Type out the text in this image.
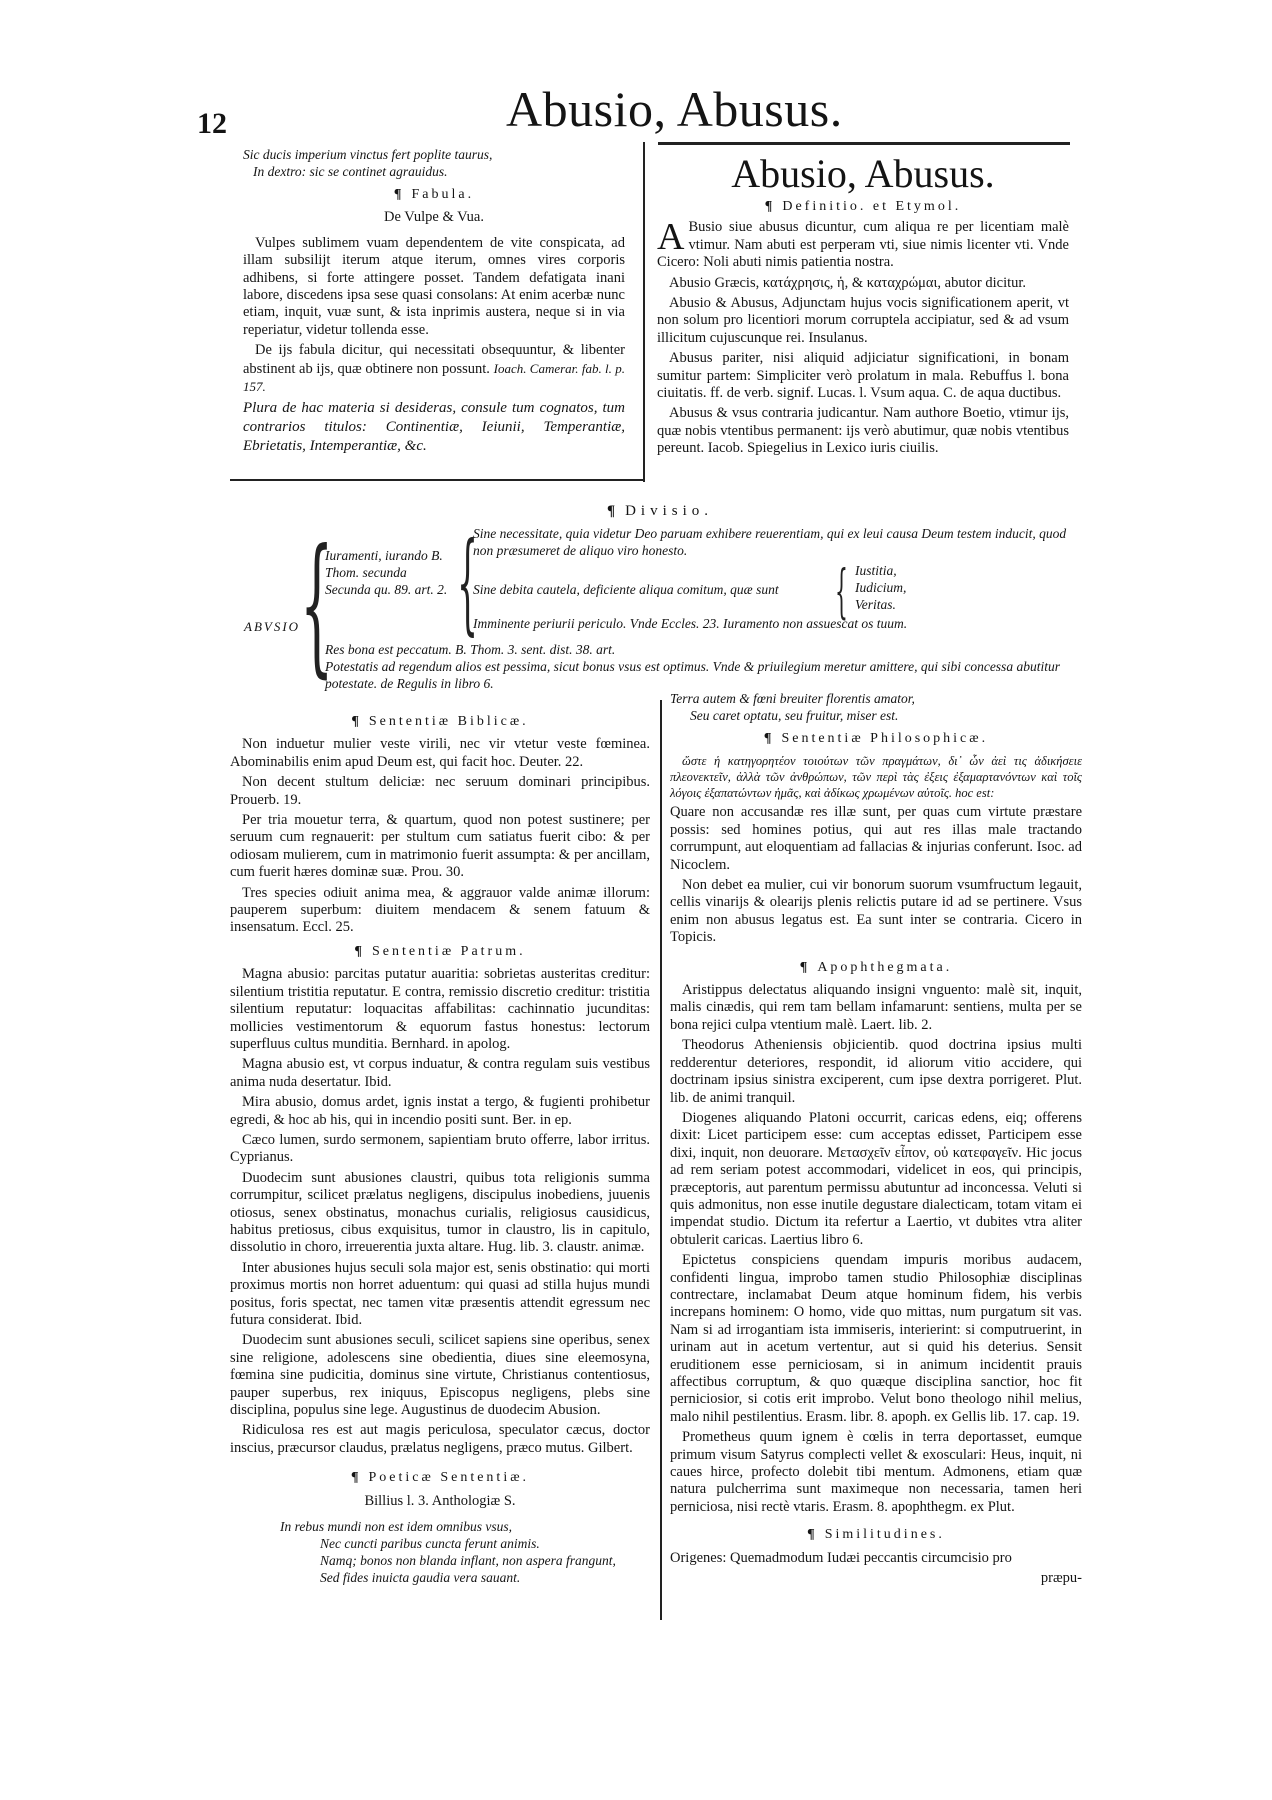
12	Abusio, Abusus.
Sic ducis imperium vinctus fert poplite taurus,
In dextro: sic se continet agrauidus.
¶ Fabula.
De Vulpe & Vua.

Vulpes sublimem vuam dependentem de vite conspicata, ad illam subsilijt iterum atque iterum, omnes vires corporis adhibens, si forte attingere posset. Tandem defatigata inani labore, discedens ipsa sese quasi consolans: At enim acerbæ nunc etiam, inquit, vuæ sunt, & ista inprimis austera, neque si in via reperiatur, videtur tollenda esse.

De ijs fabula dicitur, qui necessitati obsequuntur, & libenter abstinent ab ijs, quæ obtinere non possunt. Ioach. Camerar. fab. l. p. 157.

Plura de hac materia si desideras, consule tum cognatos, tum contrarios titulos: Continentiæ, Ieiunii, Temperantiæ, Ebrietatis, Intemperantiæ, &c.

Abusio, Abusus.
¶ Definitio. et Etymol.

A Busio siue abusus dicuntur, cum aliqua re per licentiam malè vtimur. Nam abuti est perperam vti, siue nimis licenter vti. Vnde Cicero: Noli abuti nimis patientia nostra.

Abusio Græcis, κατάχρησις, ἡ, & καταχρώμαι, abutor dicitur.

Abusio & Abusus, Adjunctam hujus vocis significationem aperit, vt non solum pro licentiori morum corruptela accipiatur, sed & ad vsum illicitum cujuscunque rei. Insulanus.

Abusus pariter, nisi aliquid adjiciatur significationi, in bonam sumitur partem: Simpliciter verò prolatum in mala. Rebuffus l. bona ciuitatis. ff. de verb. signif. Lucas. l. Vsum aqua. C. de aqua ductibus.

Abusus & vsus contraria judicantur. Nam authore Boetio, vtimur ijs, quæ nobis vtentibus permanent: ijs verò abutimur, quæ nobis vtentibus pereunt. Iacob. Spiegelius in Lexico iuris ciuilis.

¶ Divisio.
ABVSIO {
Iuramenti, iurando B. Thom. secunda Secunda qu. 89. art. 2. {
Sine necessitate, quia videtur Deo paruam exhibere reuerentiam, qui ex leui causa Deum testem inducit, quod non præsumeret de aliquo viro honesto.
Sine debita cautela, deficiente aliqua comitum, quæ sunt { Iustitia,
Iudicium,
Veritas.
Imminente periurii periculo. Vnde Eccles. 23. Iuramento non assuescat os tuum.
Res bona est peccatum. B. Thom. 3. sent. dist. 38. art.
Potestatis ad regendum alios est pessima, sicut bonus vsus est optimus. Vnde & priuilegium meretur amittere, qui sibi concessa abutitur potestate. de Regulis in libro 6.
¶ Sententiæ Biblicæ.

Non induetur mulier veste virili, nec vir vtetur veste fœminea. Abominabilis enim apud Deum est, qui facit hoc. Deuter. 22.

Non decent stultum deliciæ: nec seruum dominari principibus. Prouerb. 19.

Per tria mouetur terra, & quartum, quod non potest sustinere; per seruum cum regnauerit: per stultum cum satiatus fuerit cibo: & per odiosam mulierem, cum in matrimonio fuerit assumpta: & per ancillam, cum fuerit hæres dominæ suæ. Prou. 30.

Tres species odiuit anima mea, & aggrauor valde animæ illorum: pauperem superbum: diuitem mendacem & senem fatuum & insensatum. Eccl. 25.

¶ Sententiæ Patrum.

Magna abusio: parcitas putatur auaritia: sobrietas austeritas creditur: silentium tristitia reputatur. E contra, remissio discretio creditur: tristitia silentium reputatur: loquacitas affabilitas: cachinnatio jucunditas: mollicies vestimentorum & equorum fastus honestus: lectorum superfluus cultus munditia. Bernhard. in apolog.

Magna abusio est, vt corpus induatur, & contra regulam suis vestibus anima nuda desertatur. Ibid.

Mira abusio, domus ardet, ignis instat a tergo, & fugienti prohibetur egredi, & hoc ab his, qui in incendio positi sunt. Ber. in ep.

Cæco lumen, surdo sermonem, sapientiam bruto offerre, labor irritus. Cyprianus.

Duodecim sunt abusiones claustri, quibus tota religionis summa corrumpitur, scilicet prælatus negligens, discipulus inobediens, juuenis otiosus, senex obstinatus, monachus curialis, religiosus causidicus, habitus pretiosus, cibus exquisitus, tumor in claustro, lis in capitulo, dissolutio in choro, irreuerentia juxta altare. Hug. lib. 3. claustr. animæ.

Inter abusiones hujus seculi sola major est, senis obstinatio: qui morti proximus mortis non horret aduentum: qui quasi ad stilla hujus mundi positus, foris spectat, nec tamen vitæ præsentis attendit egressum nec futura considerat. Ibid.

Duodecim sunt abusiones seculi, scilicet sapiens sine operibus, senex sine religione, adolescens sine obedientia, diues sine eleemosyna, fœmina sine pudicitia, dominus sine virtute, Christianus contentiosus, pauper superbus, rex iniquus, Episcopus negligens, plebs sine disciplina, populus sine lege. Augustinus de duodecim Abusion.

Ridiculosa res est aut magis periculosa, speculator cæcus, doctor inscius, præcursor claudus, prælatus negligens, præco mutus. Gilbert.

¶ Poeticæ Sententiæ.
Billius l. 3. Anthologiæ S.
In rebus mundi non est idem omnibus vsus,
Nec cuncti paribus cuncta ferunt animis.
Namq; bonos non blanda inflant, non aspera frangunt,
Sed fides inuicta gaudia vera sauant.
Terra autem & fœni breuiter florentis amator,
Seu caret optatu, seu fruitur, miser est.
¶ Sententiæ Philosophicæ.

ὥστε ἡ κατηγορητέον τοιούτων τῶν πραγμάτων, δι᾽ ὧν ἀεὶ τις ἀδικήσειε πλεονεκτεῖν, ἀλλὰ τῶν ἀνθρώπων, τῶν περὶ τὰς ἐξεις ἐξαμαρτανόντων καὶ τοῖς λόγοις ἐξαπατώντων ἡμᾶς, καὶ ἀδίκως χρωμένων αὐτοῖς. hoc est:

Quare non accusandæ res illæ sunt, per quas cum virtute præstare possis: sed homines potius, qui aut res illas male tractando corrumpunt, aut eloquentiam ad fallacias & injurias conferunt. Isoc. ad Nicoclem.

Non debet ea mulier, cui vir bonorum suorum vsumfructum legauit, cellis vinarijs & olearijs plenis relictis putare id ad se pertinere. Vsus enim non abusus legatus est. Ea sunt inter se contraria. Cicero in Topicis.

¶ Apophthegmata.

Aristippus delectatus aliquando insigni vnguento: malè sit, inquit, malis cinædis, qui rem tam bellam infamarunt: sentiens, multa per se bona rejici culpa vtentium malè. Laert. lib. 2.

Theodorus Atheniensis objicientib. quod doctrina ipsius multi redderentur deteriores, respondit, id aliorum vitio accidere, qui doctrinam ipsius sinistra exciperent, cum ipse dextra porrigeret. Plut. lib. de animi tranquil.

Diogenes aliquando Platoni occurrit, caricas edens, eiq; offerens dixit: Licet participem esse: cum acceptas edisset, Participem esse dixi, inquit, non deuorare. Μετασχεῖν εἶπον, οὐ κατεφαγεῖν. Hic jocus ad rem seriam potest accommodari, videlicet in eos, qui principis, præceptoris, aut parentum permissu abutuntur ad inconcessa. Veluti si quis admonitus, non esse inutile degustare dialecticam, totam vitam ei impendat studio. Dictum ita refertur a Laertio, vt dubites vtra aliter obtulerit caricas. Laertius libro 6.

Epictetus conspiciens quendam impuris moribus audacem, confidenti lingua, improbo tamen studio Philosophiæ disciplinas contrectare, inclamabat Deum atque hominum fidem, his verbis increpans hominem: O homo, vide quo mittas, num purgatum sit vas. Nam si ad irrogantiam ista immiseris, interierint: si computruerint, in urinam aut in acetum vertentur, aut si quid his deterius. Sensit eruditionem esse perniciosam, si in animum incidentit prauis affectibus corruptum, & quo quæque disciplina sanctior, hoc fit perniciosior, si cotis erit improbo. Velut bono theologo nihil melius, malo nihil pestilentius. Erasm. libr. 8. apoph. ex Gellis lib. 17. cap. 19.

Prometheus quum ignem è cœlis in terra deportasset, eumque primum visum Satyrus complecti vellet & exosculari: Heus, inquit, ni caues hirce, profecto dolebit tibi mentum. Admonens, etiam quæ natura pulcherrima sunt maximeque non necessaria, tamen heri perniciosa, nisi rectè vtaris. Erasm. 8. apophthegm. ex Plut.

¶ Similitudines.

Origenes: Quemadmodum Iudæi peccantis circumcisio pro

præpu-
